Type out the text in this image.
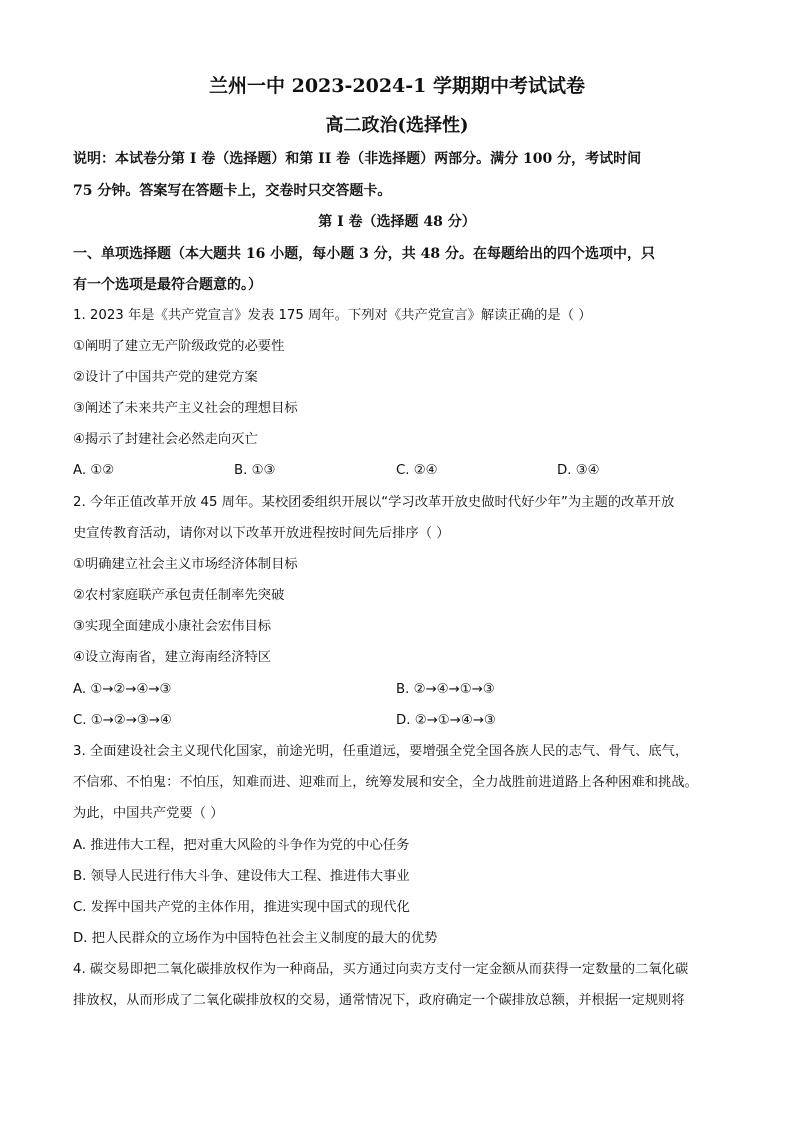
兰州一中 2023-2024-1 学期期中考试试卷
高二政治(选择性)
说明：本试卷分第 I 卷（选择题）和第 II 卷（非选择题）两部分。满分 100 分，考试时间
75 分钟。答案写在答题卡上，交卷时只交答题卡。
第 I 卷（选择题 48 分）
一、单项选择题（本大题共 16 小题，每小题 3 分，共 48 分。在每题给出的四个选项中，只
有一个选项是最符合题意的。）
1. 2023 年是《共产党宣言》发表 175 周年。下列对《共产党宣言》解读正确的是（ ）
①阐明了建立无产阶级政党的必要性
②设计了中国共产党的建党方案
③阐述了未来共产主义社会的理想目标
④揭示了封建社会必然走向灭亡
A. ①②	B. ①③	C. ②④	D. ③④
2. 今年正值改革开放 45 周年。某校团委组织开展以“学习改革开放史做时代好少年”为主题的改革开放
史宣传教育活动，请你对以下改革开放进程按时间先后排序（ ）
①明确建立社会主义市场经济体制目标
②农村家庭联产承包责任制率先突破
③实现全面建成小康社会宏伟目标
④设立海南省，建立海南经济特区
A. ①→②→④→③	B. ②→④→①→③
C. ①→②→③→④	D. ②→①→④→③
3. 全面建设社会主义现代化国家，前途光明，任重道远，要增强全党全国各族人民的志气、骨气、底气，
不信邪、不怕鬼：不怕压，知难而进、迎难而上，统筹发展和安全，全力战胜前进道路上各种困难和挑战。
为此，中国共产党要（ ）
A. 推进伟大工程，把对重大风险的斗争作为党的中心任务
B. 领导人民进行伟大斗争、建设伟大工程、推进伟大事业
C. 发挥中国共产党的主体作用，推进实现中国式的现代化
D. 把人民群众的立场作为中国特色社会主义制度的最大的优势
4. 碳交易即把二氧化碳排放权作为一种商品，买方通过向卖方支付一定金额从而获得一定数量的二氧化碳
排放权，从而形成了二氧化碳排放权的交易，通常情况下，政府确定一个碳排放总额，并根据一定规则将
